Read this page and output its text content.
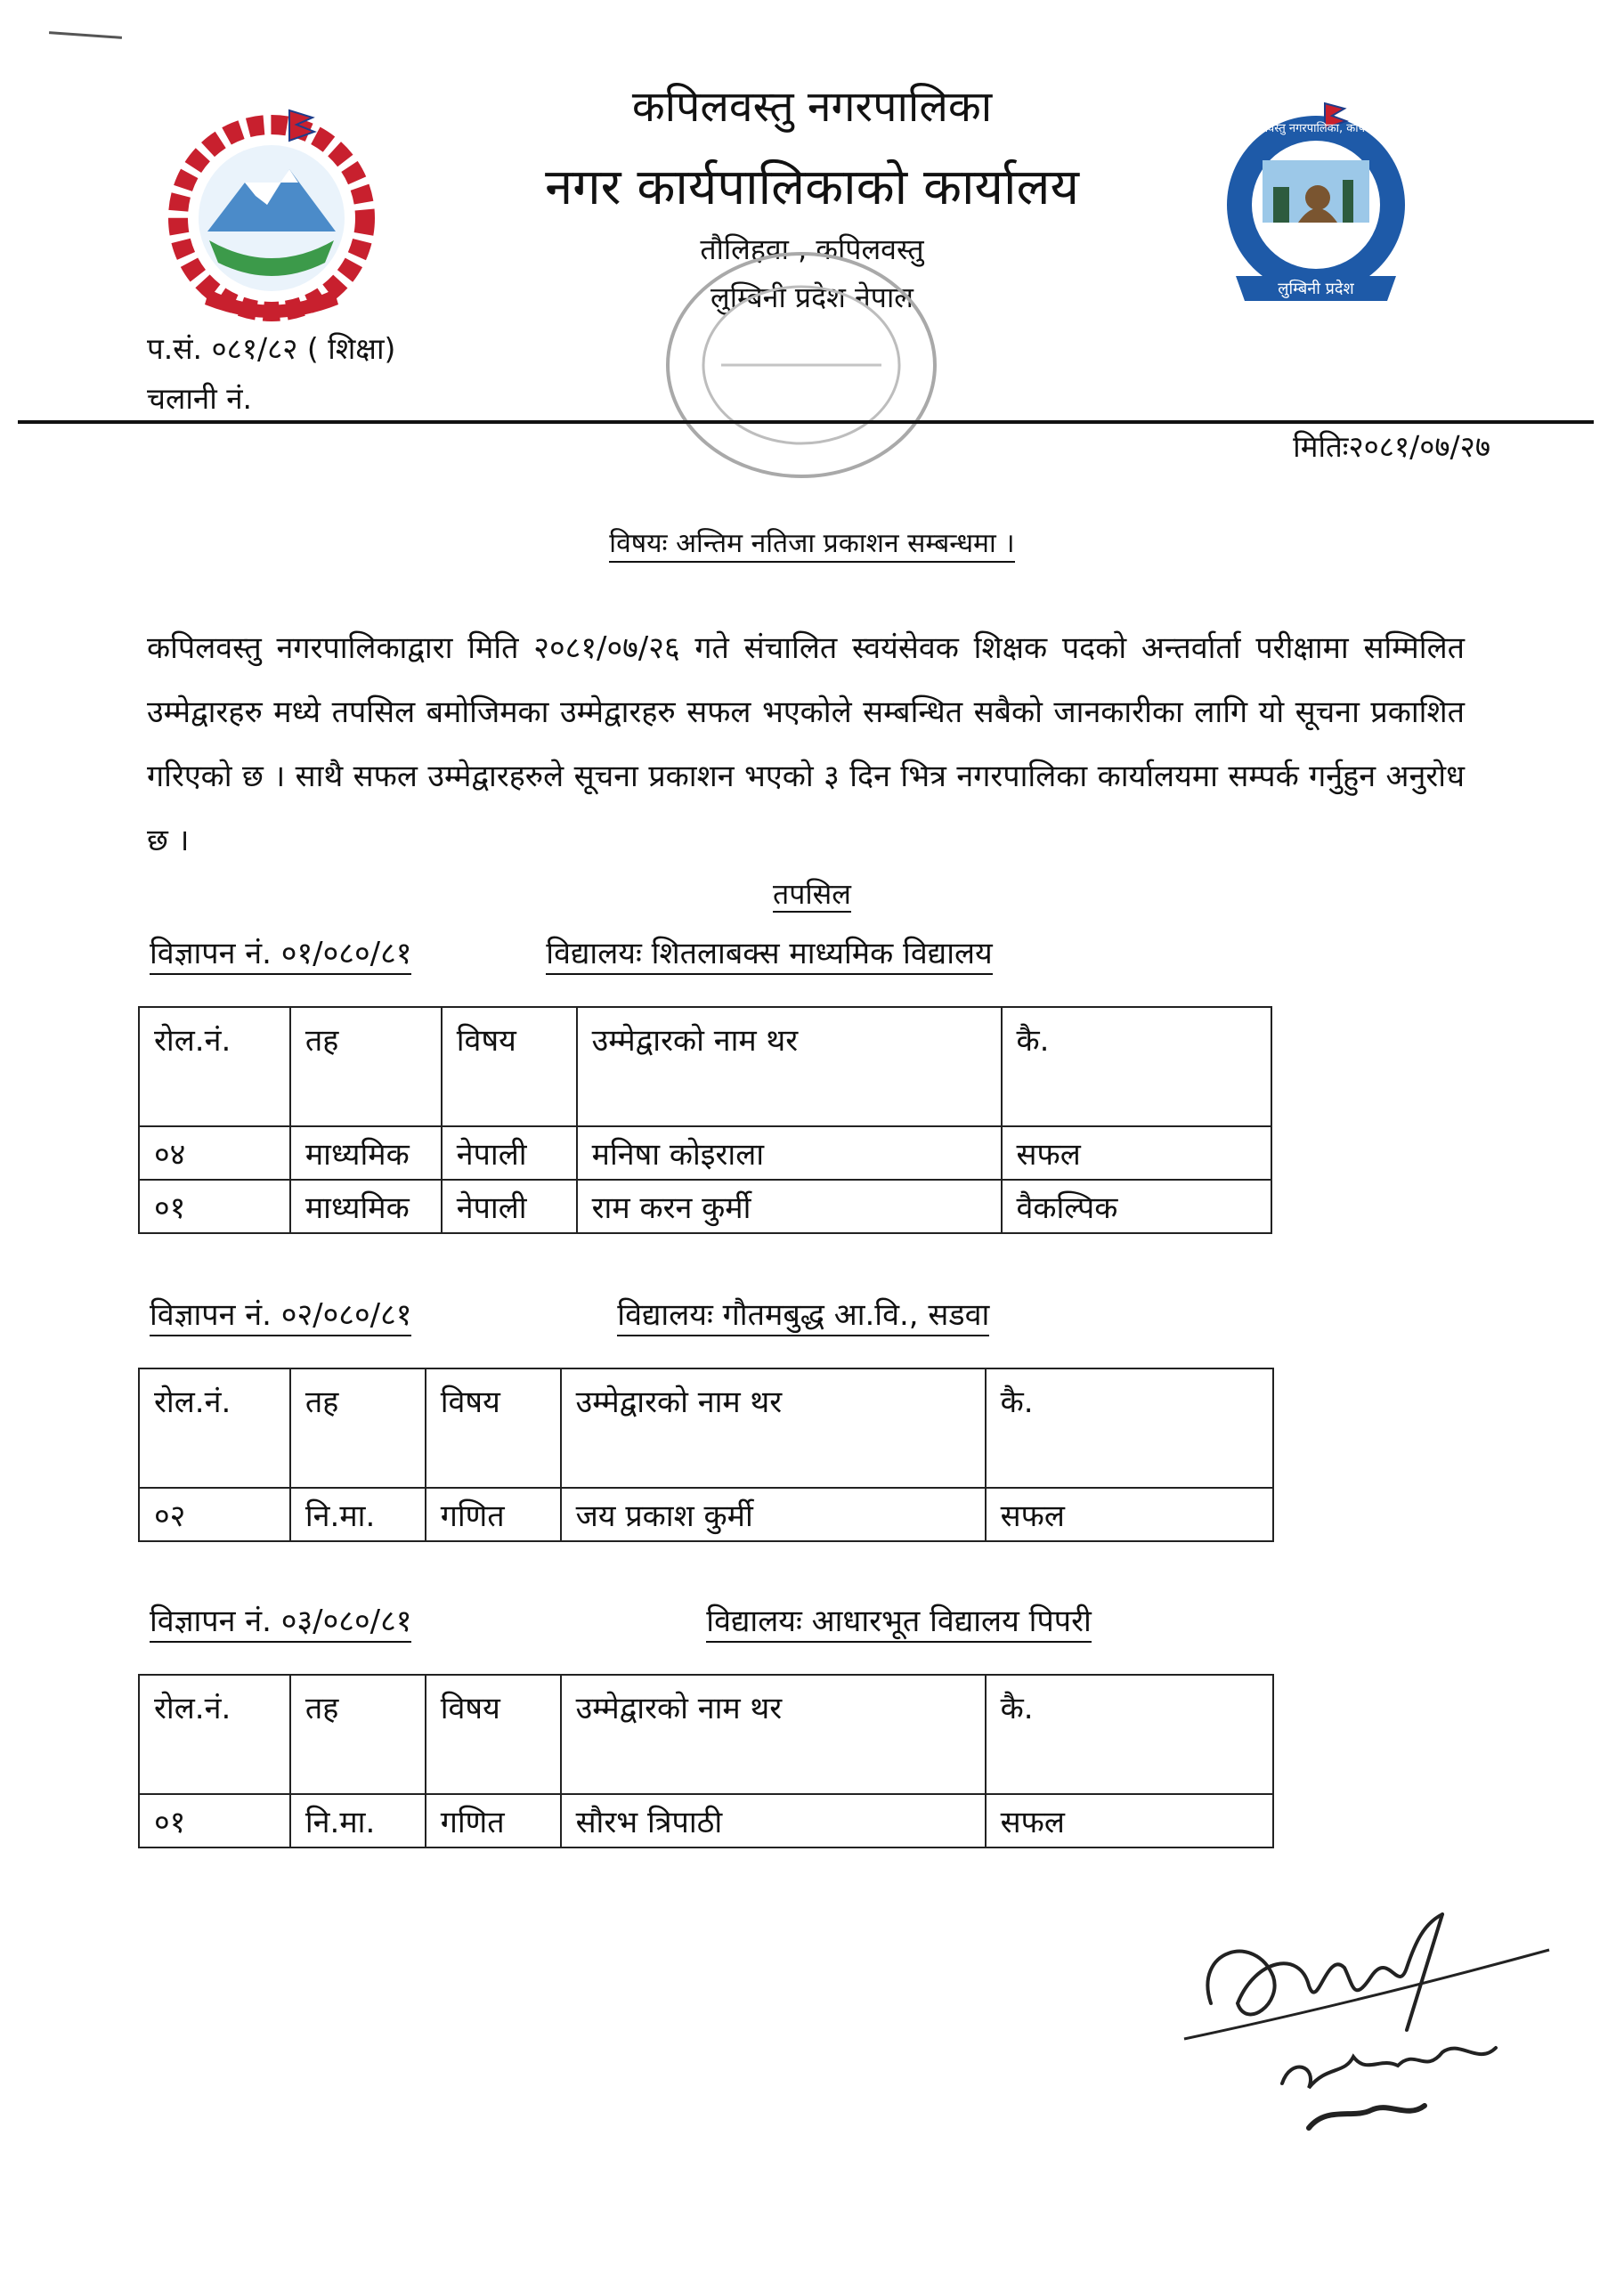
लुम्बिनी प्रदेश
कपिलवस्तु नगरपालिका, कपिलवस्तु
कपिलवस्तु नगरपालिका
नगर कार्यपालिकाको कार्यालय
तौलिहवा , कपिलवस्तु
लुम्बिनी प्रदेश नेपाल
प.सं. ०८१/८२ ( शिक्षा)
चलानी नं.
मितिः२०८१/०७/२७
विषयः अन्तिम नतिजा प्रकाशन सम्बन्धमा ।
कपिलवस्तु नगरपालिकाद्वारा मिति २०८१/०७/२६ गते संचालित स्वयंसेवक शिक्षक पदको अन्तर्वार्ता परीक्षामा सम्मिलित उम्मेद्वारहरु मध्ये तपसिल बमोजिमका उम्मेद्वारहरु सफल भएकोले सम्बन्धित सबैको जानकारीका लागि यो सूचना प्रकाशित गरिएको छ । साथै सफल उम्मेद्वारहरुले सूचना प्रकाशन भएको ३ दिन भित्र नगरपालिका कार्यालयमा सम्पर्क गर्नुहुन अनुरोध छ ।
तपसिल
विज्ञापन नं. ०१/०८०/८१	विद्यालयः शितलाबक्स माध्यमिक विद्यालय
रोल.नं.	तह	विषय	उम्मेद्वारको नाम थर	कै.
०४	माध्यमिक	नेपाली	मनिषा कोइराला	सफल
०१	माध्यमिक	नेपाली	राम करन कुर्मी	वैकल्पिक
विज्ञापन नं. ०२/०८०/८१	विद्यालयः गौतमबुद्ध आ.वि., सडवा
रोल.नं.	तह	विषय	उम्मेद्वारको नाम थर	कै.
०२	नि.मा.	गणित	जय प्रकाश कुर्मी	सफल
विज्ञापन नं. ०३/०८०/८१	विद्यालयः आधारभूत विद्यालय पिपरी
रोल.नं.	तह	विषय	उम्मेद्वारको नाम थर	कै.
०१	नि.मा.	गणित	सौरभ त्रिपाठी	सफल
